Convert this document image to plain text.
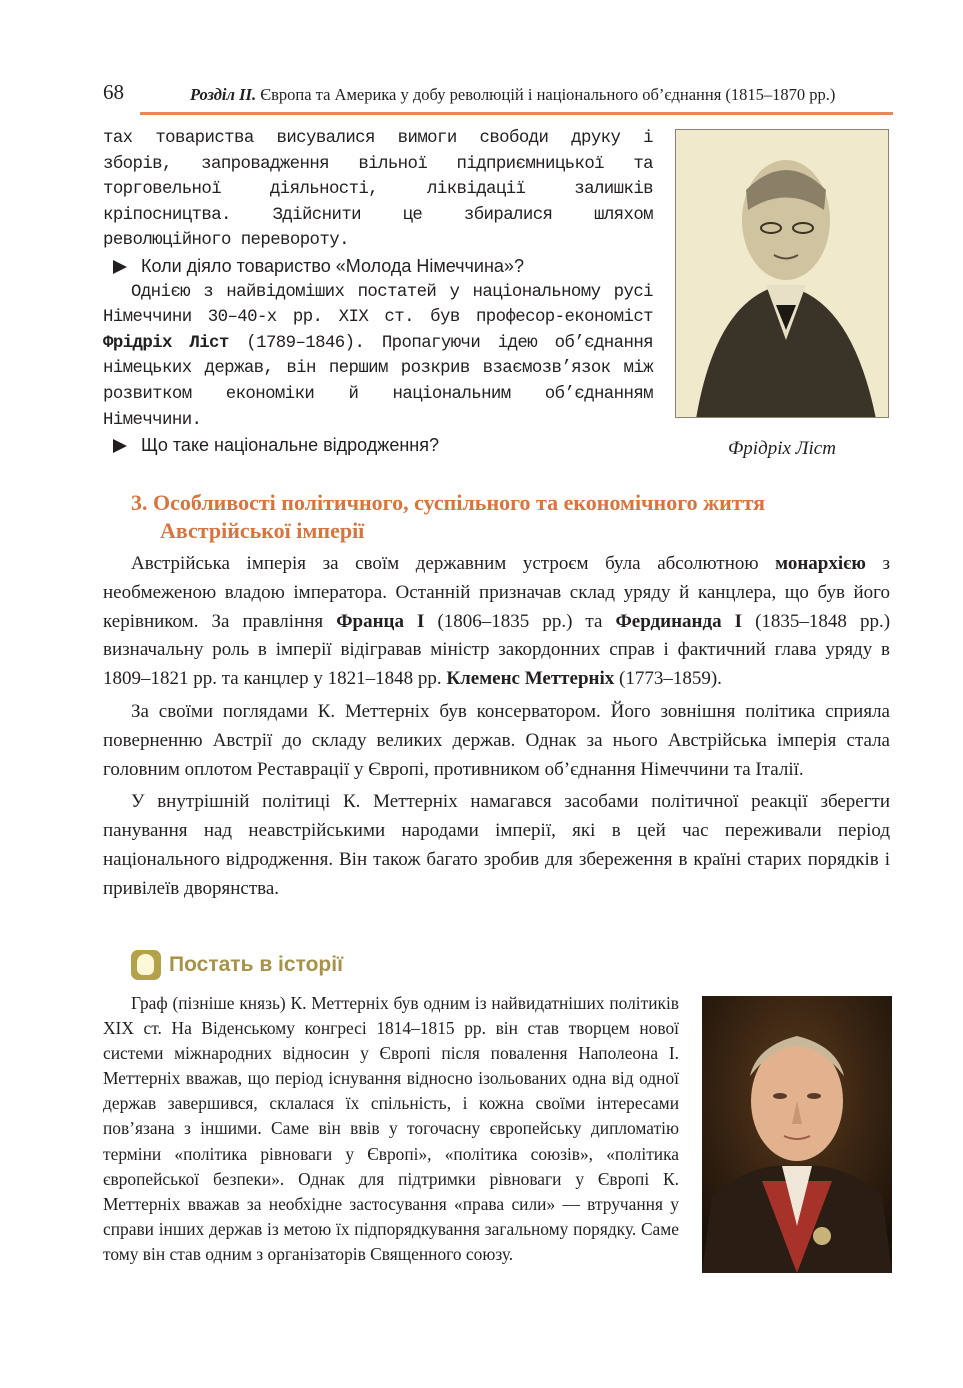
68	Розділ ІІ. Європа та Америка у добу революцій і національного об’єднання (1815–1870 рр.)

тах товариства висувалися вимоги свободи друку і зборів, запровадження вільної підприємницької та торговельної діяльності, ліквідації залишків кріпосництва. Здійснити це збиралися шляхом революційного перевороту.

Коли діяло товариство «Молода Німеччина»?

Однією з найвідоміших постатей у національному русі Німеччини 30–40-х рр. XIX ст. був професор-економіст Фрідріх Ліст (1789–1846). Пропагуючи ідею об’єднання німецьких держав, він першим розкрив взаємозв’язок між розвитком економіки й національним об’єднанням Німеччини.

Що таке національне відродження?	Фрідріх Ліст
3. Особливості політичного, суспільного та економічного життя
Австрійської імперії

Австрійська імперія за своїм державним устроєм була абсолютною монархією з необмеженою владою імператора. Останній призначав склад уряду й канцлера, що був його керівником. За правління Франца I (1806–1835 рр.) та Фердинанда I (1835–1848 рр.) визначальну роль в імперії відігравав міністр закордонних справ і фактичний глава уряду в 1809–1821 рр. та канцлер у 1821–1848 рр. Клеменс Меттерніх (1773–1859).

За своїми поглядами К. Меттерніх був консерватором. Його зовнішня політика сприяла поверненню Австрії до складу великих держав. Однак за нього Австрійська імперія стала головним оплотом Реставрації у Європі, противником об’єднання Німеччини та Італії.

У внутрішній політиці К. Меттерніх намагався засобами політичної реакції зберегти панування над неавстрійськими народами імперії, які в цей час переживали період національного відродження. Він також багато зробив для збереження в країні старих порядків і привілеїв дворянства.

Постать в історії

Граф (пізніше князь) К. Меттерніх був одним із найвидатніших політиків XIX ст. На Віденському конгресі 1814–1815 рр. він став творцем нової системи міжнародних відносин у Європі після повалення Наполеона I. Меттерніх вважав, що період існування відносно ізольованих одна від одної держав завершився, склалася їх спільність, і кожна своїми інтересами пов’язана з іншими. Саме він ввів у тогочасну європейську дипломатію терміни «політика рівноваги у Європі», «політика союзів», «політика європейської безпеки». Однак для підтримки рівноваги у Європі К. Меттерніх вважав за необхідне застосування «права сили» — втручання у справи інших держав із метою їх підпорядкування загальному порядку. Саме тому він став одним з організаторів Священного союзу.
